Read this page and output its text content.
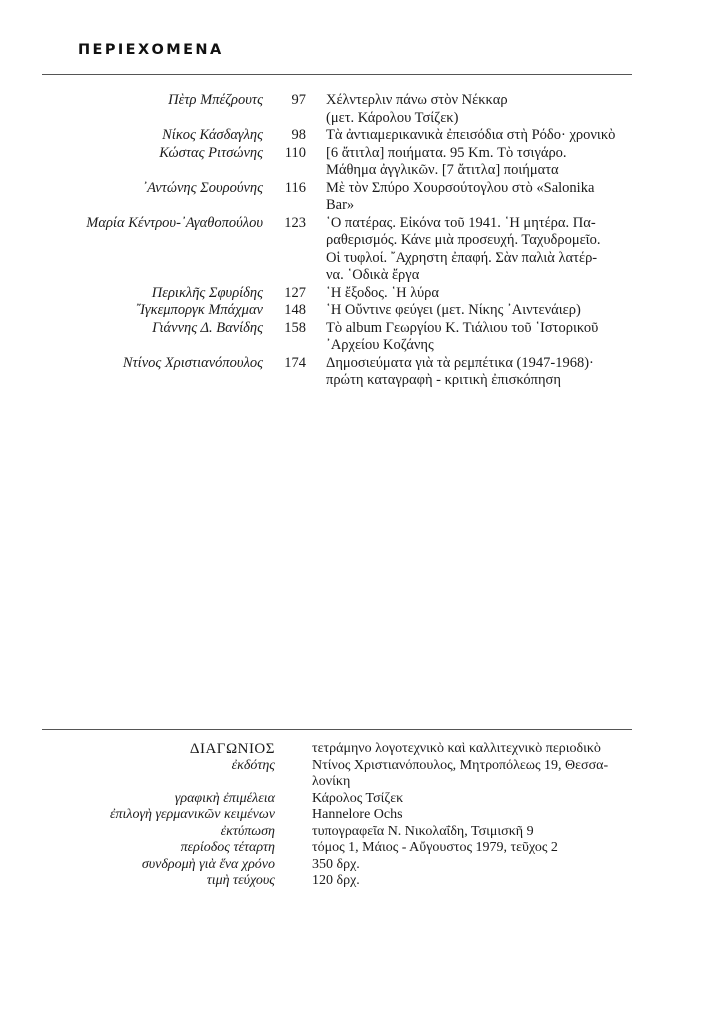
ΠΕΡΙΕΧΟΜΕΝΑ
Πὲτρ Μπέζρουτς	97 Χέλντερλιν πάνω στὸν Νέκκαρ
(μετ. Κάρολου Τσίζεκ)
Νίκος Κάσδαγλης	98 Τὰ ἀντιαμερικανικὰ ἐπεισόδια στὴ Ρόδο· χρονικὸ
Κώστας Ριτσώνης	110 [6 ἄτιτλα] ποιήματα. 95 Km. Τὸ τσιγάρο.
Μάθημα ἀγγλικῶν. [7 ἄτιτλα] ποιήματα
᾿Αντώνης Σουρούνης	116 Μὲ τὸν Σπύρο Χουρσούτογλου στὸ «Salonika
Bar»
Μαρία Κέντρου-᾿Αγαθοπούλου	123 ῾Ο πατέρας. Εἰκόνα τοῦ 1941. ῾Η μητέρα. Πα-
ραθερισμός. Κάνε μιὰ προσευχή. Ταχυδρομεῖο.
Οἱ τυφλοί. ῎Αχρηστη ἐπαφή. Σὰν παλιὰ λατέρ-
να. ῾Οδικὰ ἔργα
Περικλῆς Σφυρίδης	127 ῾Η ἔξοδος. ῾Η λύρα
῎Ιγκεμποργκ Μπάχμαν	148 ῾Η Οὔντινε φεύγει (μετ. Νίκης ᾿Αιντενάιερ)
Γιάννης Δ. Βανίδης	158 Τὸ album Γεωργίου Κ. Τιάλιου τοῦ ῾Ιστορικοῦ
᾿Αρχείου Κοζάνης
Ντίνος Χριστιανόπουλος	174 Δημοσιεύματα γιὰ τὰ ρεμπέτικα (1947-1968)·
πρώτη καταγραφὴ - κριτικὴ ἐπισκόπηση
ΔΙΑΓΩΝΙΟΣ	τετράμηνο λογοτεχνικὸ καὶ καλλιτεχνικὸ περιοδικὸ
ἐκδότης	Ντίνος Χριστιανόπουλος, Μητροπόλεως 19, Θεσσα-
λονίκη
γραφικὴ ἐπιμέλεια	Κάρολος Τσίζεκ
ἐπιλογὴ γερμανικῶν κειμένων	Hannelore Ochs
ἐκτύπωση	τυπογραφεῖα Ν. Νικολαΐδη, Τσιμισκῆ 9
περίοδος τέταρτη	τόμος 1, Μάιος - Αὔγουστος 1979, τεῦχος 2
συνδρομὴ γιὰ ἕνα χρόνο	350 δρχ.
τιμὴ τεύχους	120 δρχ.
